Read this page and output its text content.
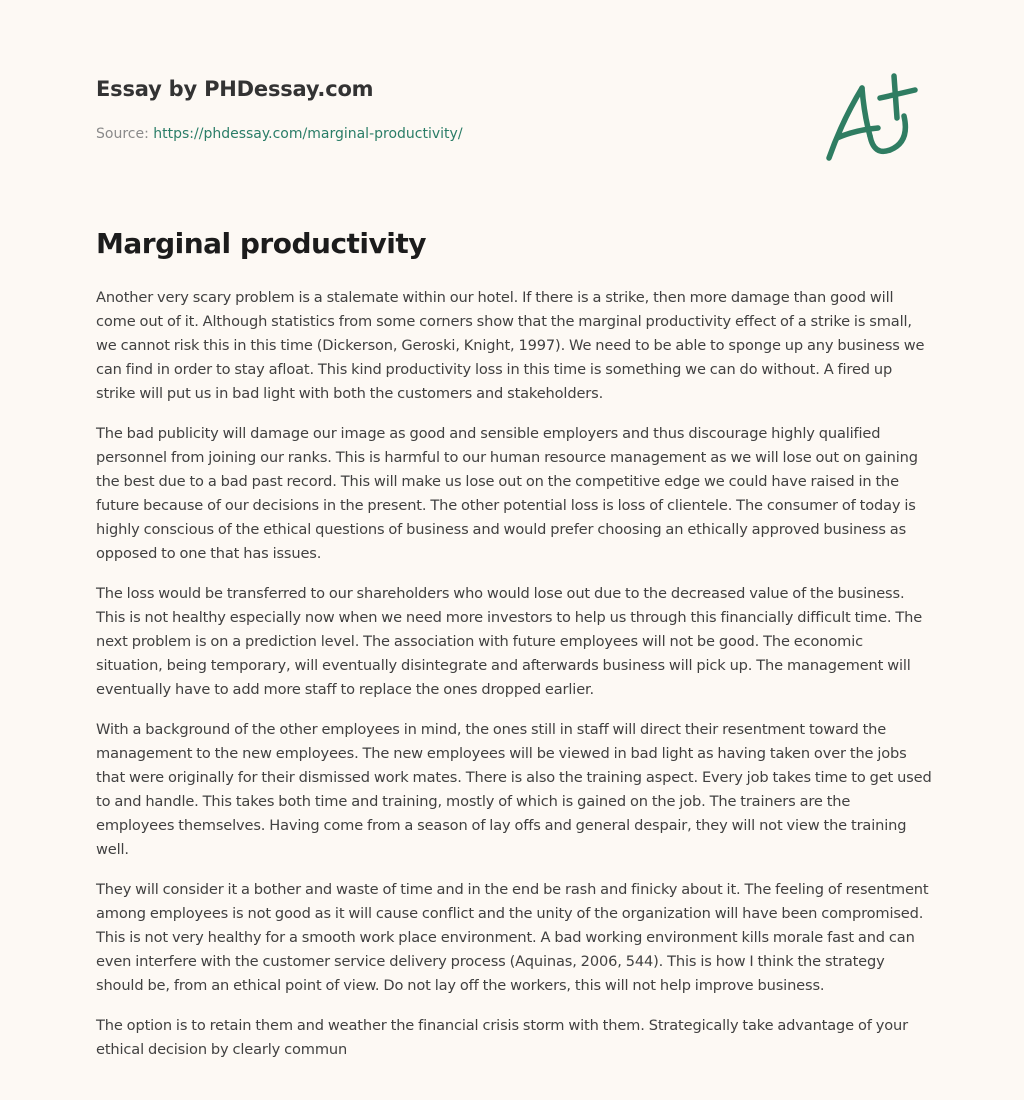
Essay by PHDessay.com
Source: https://phdessay.com/marginal-productivity/
Marginal productivity

Another very scary problem is a stalemate within our hotel. If there is a strike, then more damage than good will come out of it. Although statistics from some corners show that the marginal productivity effect of a strike is small, we cannot risk this in this time (Dickerson, Geroski, Knight, 1997). We need to be able to sponge up any business we can find in order to stay afloat. This kind productivity loss in this time is something we can do without. A fired up strike will put us in bad light with both the customers and stakeholders.

The bad publicity will damage our image as good and sensible employers and thus discourage highly qualified personnel from joining our ranks. This is harmful to our human resource management as we will lose out on gaining the best due to a bad past record. This will make us lose out on the competitive edge we could have raised in the future because of our decisions in the present. The other potential loss is loss of clientele. The consumer of today is highly conscious of the ethical questions of business and would prefer choosing an ethically approved business as opposed to one that has issues.

The loss would be transferred to our shareholders who would lose out due to the decreased value of the business. This is not healthy especially now when we need more investors to help us through this financially difficult time. The next problem is on a prediction level. The association with future employees will not be good. The economic situation, being temporary, will eventually disintegrate and afterwards business will pick up. The management will eventually have to add more staff to replace the ones dropped earlier.

With a background of the other employees in mind, the ones still in staff will direct their resentment toward the management to the new employees. The new employees will be viewed in bad light as having taken over the jobs that were originally for their dismissed work mates. There is also the training aspect. Every job takes time to get used to and handle. This takes both time and training, mostly of which is gained on the job. The trainers are the employees themselves. Having come from a season of lay offs and general despair, they will not view the training well.

They will consider it a bother and waste of time and in the end be rash and finicky about it. The feeling of resentment among employees is not good as it will cause conflict and the unity of the organization will have been compromised. This is not very healthy for a smooth work place environment. A bad working environment kills morale fast and can even interfere with the customer service delivery process (Aquinas, 2006, 544). This is how I think the strategy should be, from an ethical point of view. Do not lay off the workers, this will not help improve business.

The option is to retain them and weather the financial crisis storm with them. Strategically take advantage of your ethical decision by clearly commun
